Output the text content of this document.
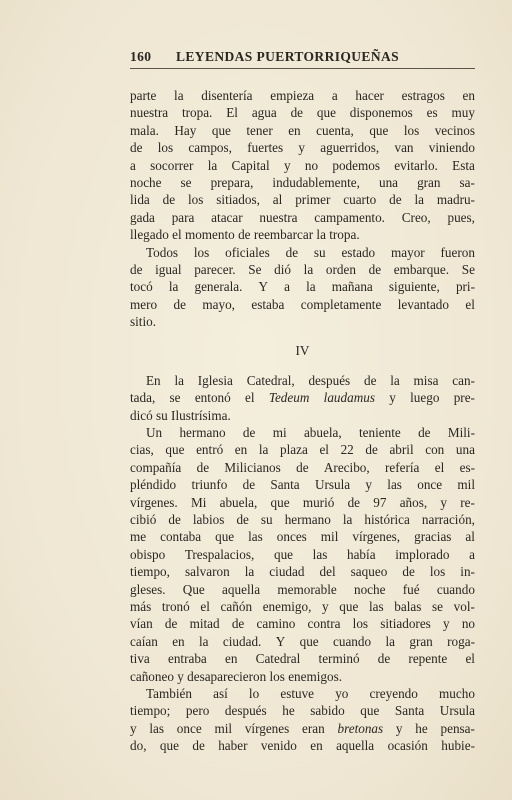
160 LEYENDAS PUERTORRIQUEÑAS
parte la disentería empieza a hacer estragos en
nuestra tropa. El agua de que disponemos es muy
mala. Hay que tener en cuenta, que los vecinos
de los campos, fuertes y aguerridos, van viniendo
a socorrer la Capital y no podemos evitarlo. Esta
noche se prepara, indudablemente, una gran sa-
lida de los sitiados, al primer cuarto de la madru-
gada para atacar nuestra campamento. Creo, pues,
llegado el momento de reembarcar la tropa.
Todos los oficiales de su estado mayor fueron
de igual parecer. Se dió la orden de embarque. Se
tocó la generala. Y a la mañana siguiente, pri-
mero de mayo, estaba completamente levantado el
sitio.
IV
En la Iglesia Catedral, después de la misa can-
tada, se entonó el Tedeum laudamus y luego pre-
dicó su Ilustrísima.
Un hermano de mi abuela, teniente de Mili-
cias, que entró en la plaza el 22 de abril con una
compañía de Milicianos de Arecibo, refería el es-
pléndido triunfo de Santa Ursula y las once mil
vírgenes. Mi abuela, que murió de 97 años, y re-
cibió de labios de su hermano la histórica narración,
me contaba que las onces mil vírgenes, gracias al
obispo Trespalacios, que las había implorado a
tiempo, salvaron la ciudad del saqueo de los in-
gleses. Que aquella memorable noche fué cuando
más tronó el cañón enemigo, y que las balas se vol-
vían de mitad de camino contra los sitiadores y no
caían en la ciudad. Y que cuando la gran roga-
tiva entraba en Catedral terminó de repente el
cañoneo y desaparecieron los enemigos.
También así lo estuve yo creyendo mucho
tiempo; pero después he sabido que Santa Ursula
y las once mil vírgenes eran bretonas y he pensa-
do, que de haber venido en aquella ocasión hubie-
